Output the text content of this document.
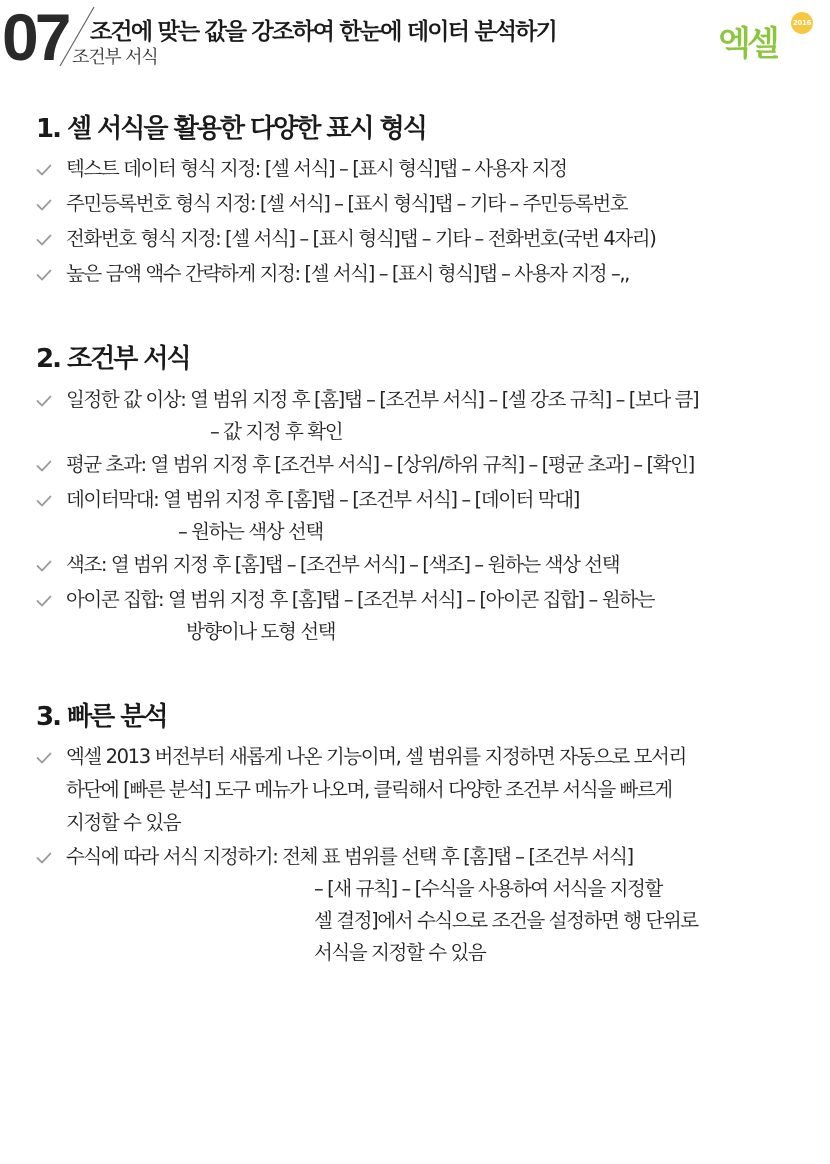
07 조건에 맞는 값을 강조하여 한눈에 데이터 분석하기
조건부 서식	엑셀
2016
1. 셀 서식을 활용한 다양한 표시 형식
텍스트 데이터 형식 지정: [셀 서식] – [표시 형식]탭 – 사용자 지정
주민등록번호 형식 지정: [셀 서식] – [표시 형식]탭 – 기타 – 주민등록번호
전화번호 형식 지정: [셀 서식] – [표시 형식]탭 – 기타 – 전화번호(국번 4자리)
높은 금액 액수 간략하게 지정: [셀 서식] – [표시 형식]탭 – 사용자 지정 –,,
2. 조건부 서식
일정한 값 이상: 열 범위 지정 후 [홈]탭 – [조건부 서식] – [셀 강조 규칙] – [보다 큼]
– 값 지정 후 확인
평균 초과: 열 범위 지정 후 [조건부 서식] – [상위/하위 규칙] – [평균 초과] – [확인]
데이터막대: 열 범위 지정 후 [홈]탭 – [조건부 서식] – [데이터 막대]
– 원하는 색상 선택
색조: 열 범위 지정 후 [홈]탭 – [조건부 서식] – [색조] – 원하는 색상 선택
아이콘 집합: 열 범위 지정 후 [홈]탭 – [조건부 서식] – [아이콘 집합] – 원하는
방향이나 도형 선택
3. 빠른 분석
엑셀 2013 버전부터 새롭게 나온 기능이며, 셀 범위를 지정하면 자동으로 모서리
하단에 [빠른 분석] 도구 메뉴가 나오며, 클릭해서 다양한 조건부 서식을 빠르게
지정할 수 있음
수식에 따라 서식 지정하기: 전체 표 범위를 선택 후 [홈]탭 – [조건부 서식]
– [새 규칙] – [수식을 사용하여 서식을 지정할
셀 결정]에서 수식으로 조건을 설정하면 행 단위로
서식을 지정할 수 있음
